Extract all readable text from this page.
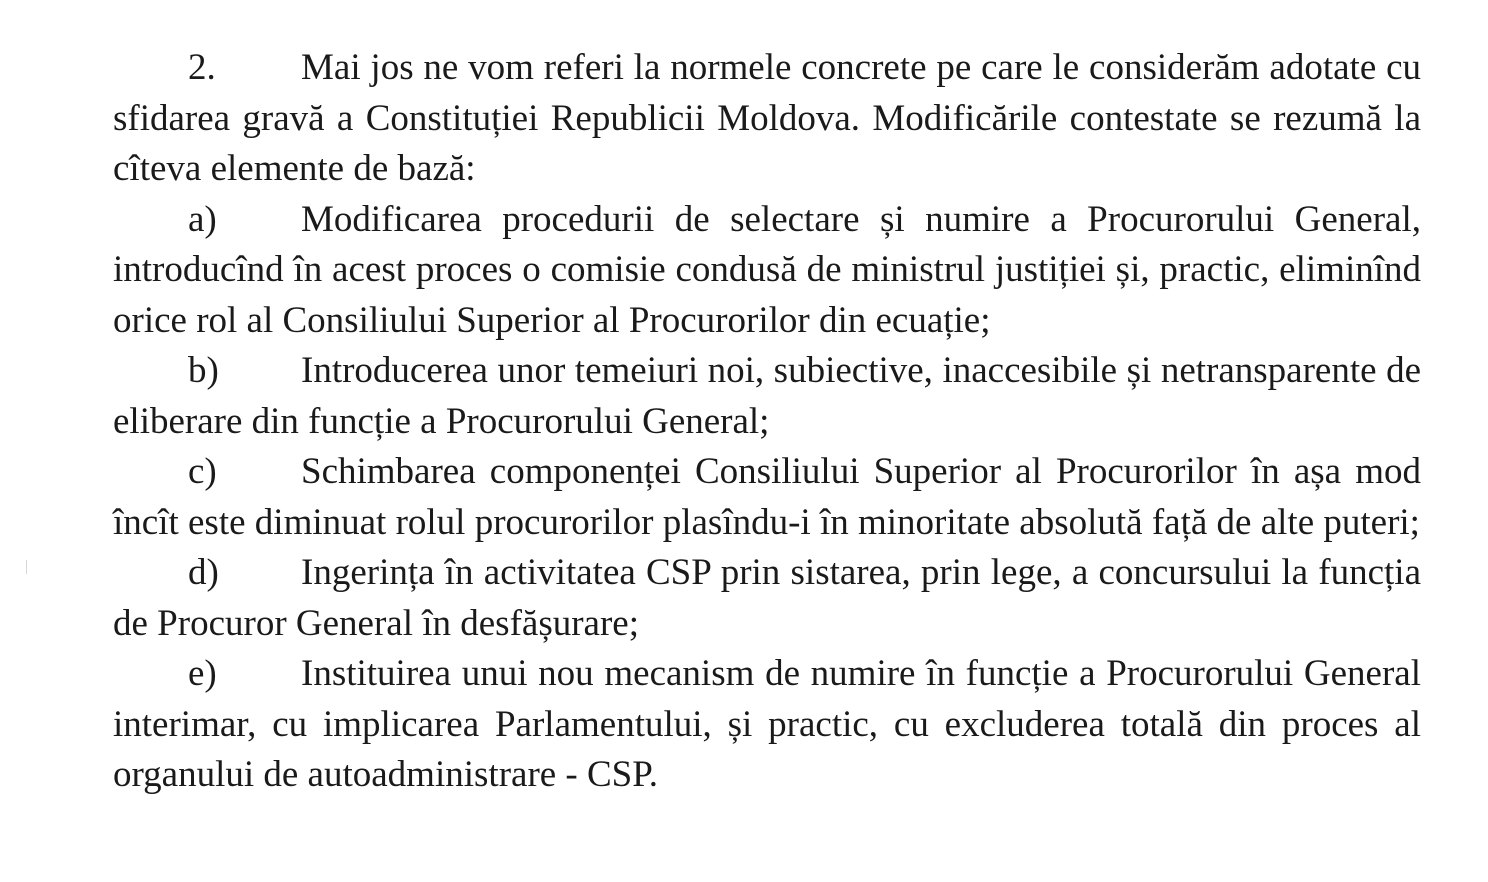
2. Mai jos ne vom referi la normele concrete pe care le considerăm adotate cu sfidarea gravă a Constituției Republicii Moldova. Modificările contestate se rezumă la cîteva elemente de bază:

a) Modificarea procedurii de selectare și numire a Procurorului General, introducînd în acest proces o comisie condusă de ministrul justiției și, practic, eliminînd orice rol al Consiliului Superior al Procurorilor din ecuație;

b) Introducerea unor temeiuri noi, subiective, inaccesibile și netransparente de eliberare din funcție a Procurorului General;

c) Schimbarea componenței Consiliului Superior al Procurorilor în așa mod încît este diminuat rolul procurorilor plasîndu-i în minoritate absolută față de alte puteri;

d) Ingerința în activitatea CSP prin sistarea, prin lege, a concursului la funcția de Procuror General în desfășurare;

e) Instituirea unui nou mecanism de numire în funcție a Procurorului General interimar, cu implicarea Parlamentului, și practic, cu excluderea totală din proces al organului de autoadministrare - CSP.
